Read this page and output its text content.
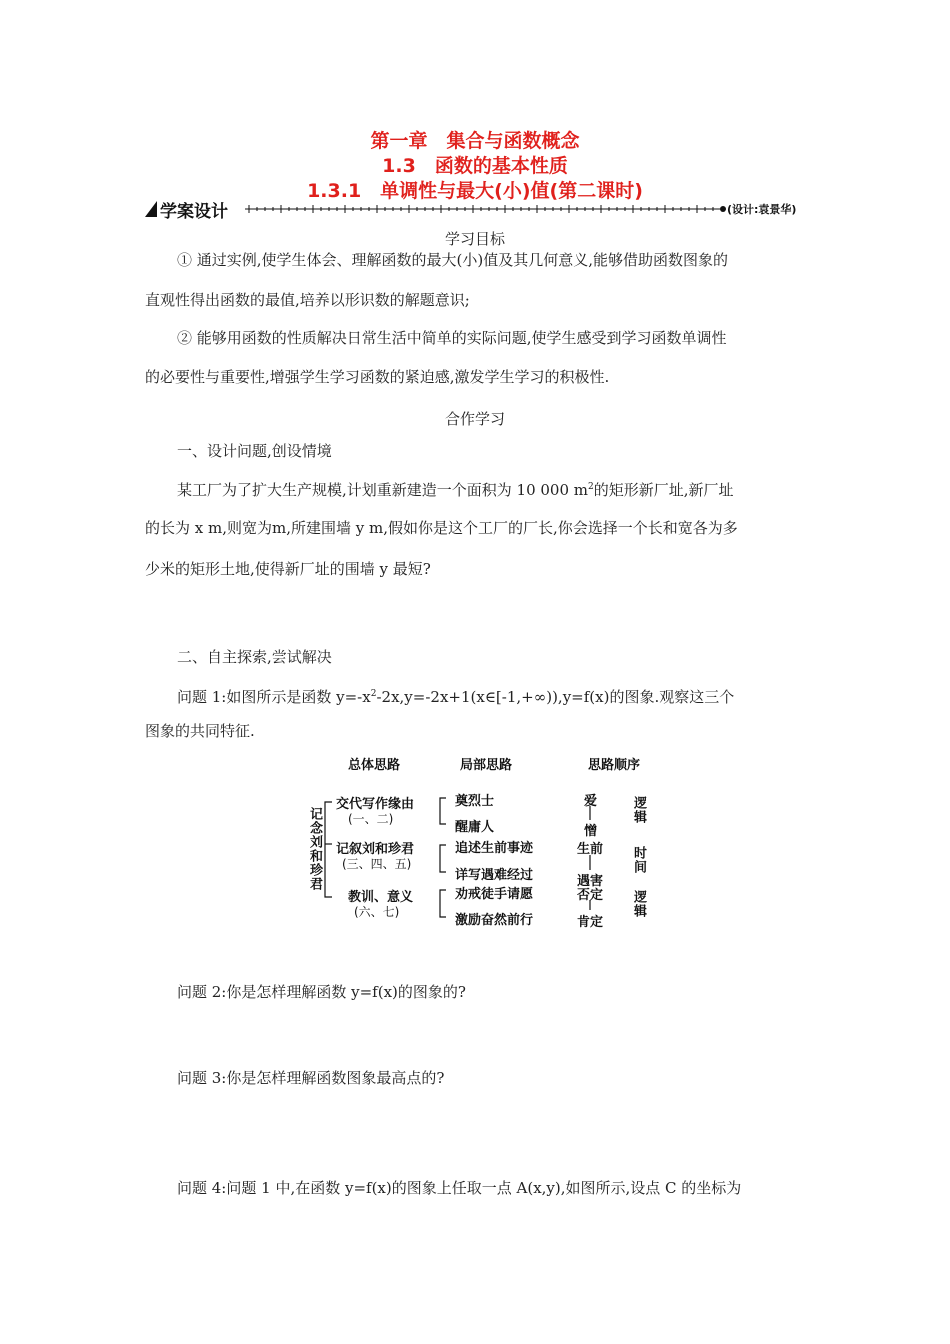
第一章　集合与函数概念
1.3　函数的基本性质
1.3.1　单调性与最大(小)值(第二课时)
学案设计	(设计:袁景华)
学习目标
① 通过实例,使学生体会、理解函数的最大(小)值及其几何意义,能够借助函数图象的
直观性得出函数的最值,培养以形识数的解题意识;
② 能够用函数的性质解决日常生活中简单的实际问题,使学生感受到学习函数单调性
的必要性与重要性,增强学生学习函数的紧迫感,激发学生学习的积极性.
合作学习
一、设计问题,创设情境
某工厂为了扩大生产规模,计划重新建造一个面积为 10 000 $m^2$的矩形新厂址,新厂址
的长为 x m,则宽为m,所建围墙 y m,假如你是这个工厂的厂长,你会选择一个长和宽各为多
少米的矩形土地,使得新厂址的围墙 y 最短?
二、自主探索,尝试解决
问题 1:如图所示是函数 $y=-x^2-2x,y=-2x+1(x\in[-1,+\infty)),y=f(x)$的图象.观察这三个
图象的共同特征.
总体思路	局部思路	思路顺序
记念刘和珍君
交代写作缘由
(一、二)
记叙刘和珍君
(三、四、五)
教训、意义
(六、七)
奠烈士
醒庸人
追述生前事迹
详写遇难经过
劝戒徒手请愿
激励奋然前行
爱
憎
生前
遇害
否定
肯定
逻辑
时间
逻辑
问题 2:你是怎样理解函数 y=f(x)的图象的?
问题 3:你是怎样理解函数图象最高点的?
问题 4:问题 1 中,在函数 y=f(x)的图象上任取一点 A(x,y),如图所示,设点 C 的坐标为
